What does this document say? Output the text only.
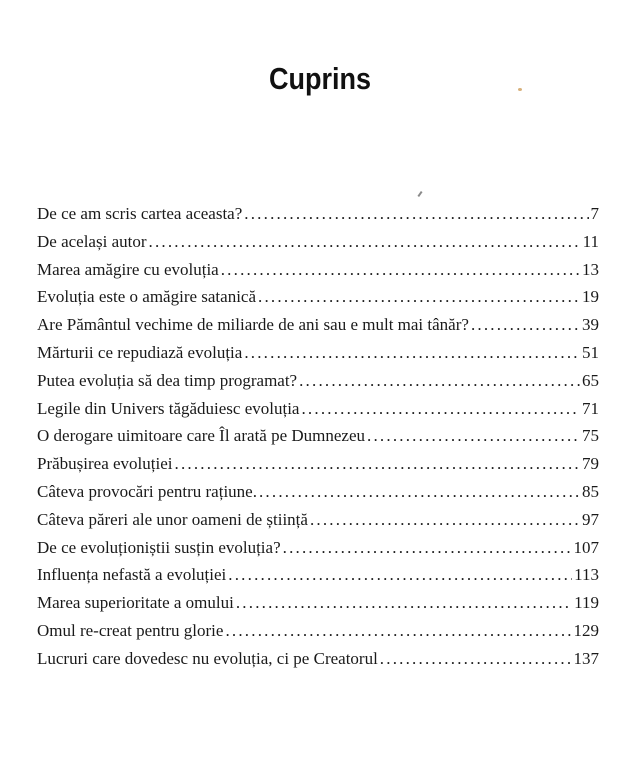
Cuprins
De ce am scris cartea aceasta? .....	7
De același autor .....	11
Marea amăgire cu evoluția .....	13
Evoluția este o amăgire satanică .....	19
Are Pământul vechime de miliarde de ani sau e mult mai tânăr? .....	39
Mărturii ce repudiază evoluția .....	51
Putea evoluția să dea timp programat? .....	65
Legile din Univers tăgăduiesc evoluția .....	71
O derogare uimitoare care Îl arată pe Dumnezeu .....	75
Prăbușirea evoluției .....	79
Câteva provocări pentru rațiune. .....	85
Câteva păreri ale unor oameni de știință .....	97
De ce evoluționiștii susțin evoluția? .....	107
Influența nefastă a evoluției .....	113
Marea superioritate a omului .....	119
Omul re-creat pentru glorie .....	129
Lucruri care dovedesc nu evoluția, ci pe Creatorul .....	137
